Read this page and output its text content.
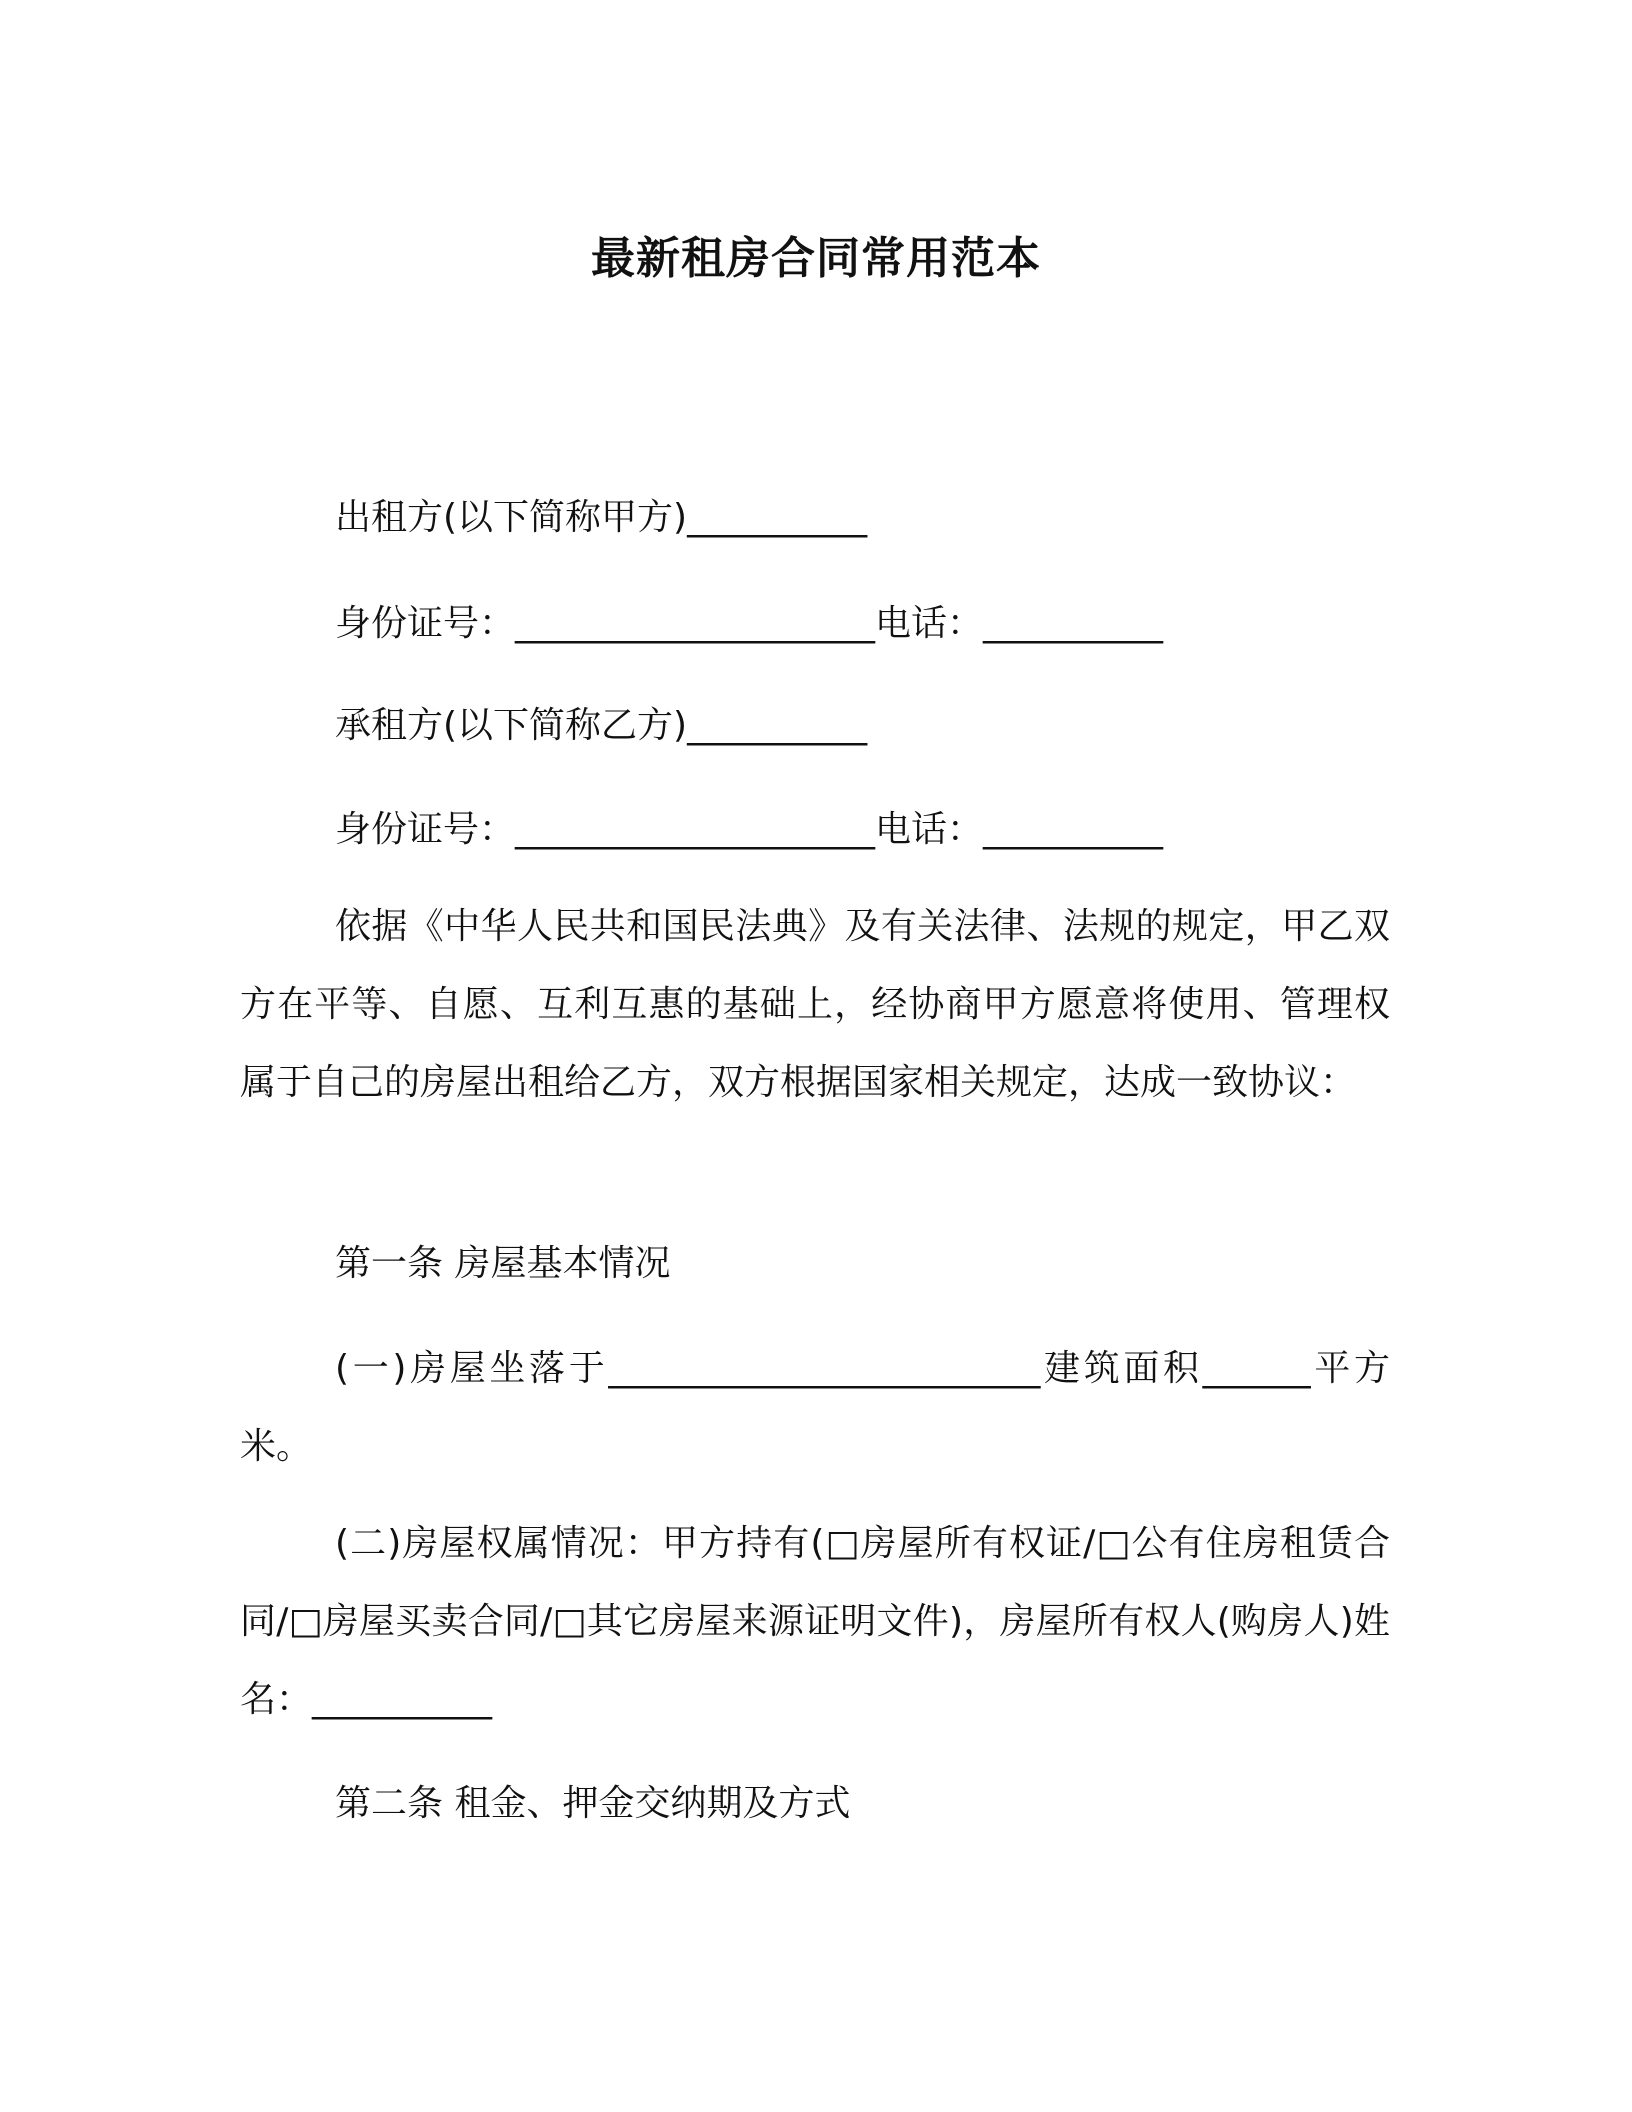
最新租房合同常用范本
出租方(以下简称甲方)__________
身份证号：____________________电话：__________
承租方(以下简称乙方)__________
身份证号：____________________电话：__________
依据《中华人民共和国民法典》及有关法律、法规的规定，甲乙双方在平等、自愿、互利互惠的基础上，经协商甲方愿意将使用、管理权属于自己的房屋出租给乙方，双方根据国家相关规定，达成一致协议：
第一条 房屋基本情况
(一)房屋坐落于________________________建筑面积______平方米。
(二)房屋权属情况：甲方持有(□房屋所有权证/□公有住房租赁合同/□房屋买卖合同/□其它房屋来源证明文件)，房屋所有权人(购房人)姓名：__________
第二条 租金、押金交纳期及方式
